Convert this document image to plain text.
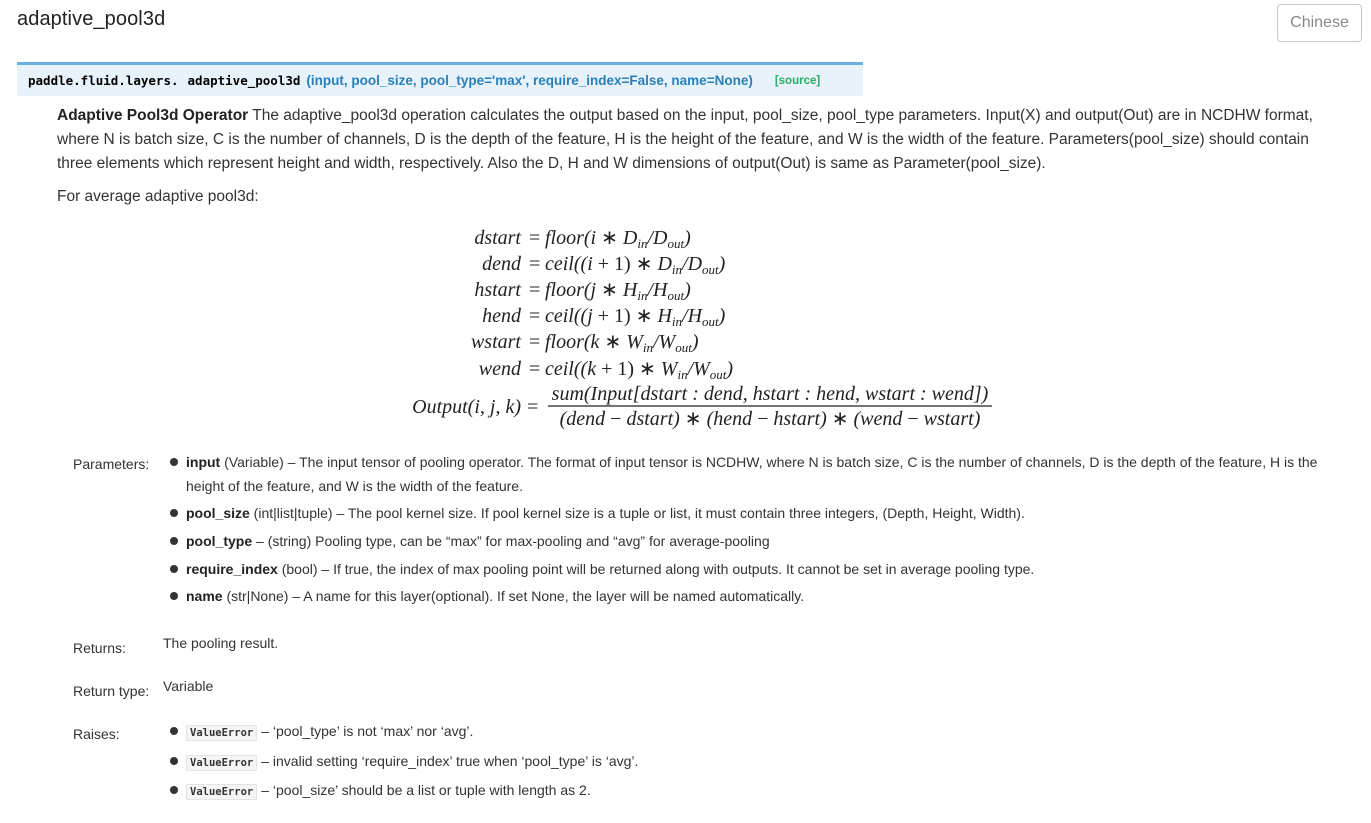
adaptive_pool3d	Chinese
paddle.fluid.layers. adaptive_pool3d (input, pool_size, pool_type='max', require_index=False, name=None) [source]
Adaptive Pool3d Operator The adaptive_pool3d operation calculates the output based on the input, pool_size, pool_type parameters. Input(X) and output(Out) are in NCDHW format, where N is batch size, C is the number of channels, D is the depth of the feature, H is the height of the feature, and W is the width of the feature. Parameters(pool_size) should contain three elements which represent height and width, respectively. Also the D, H and W dimensions of output(Out) is same as Parameter(pool_size).
For average adaptive pool3d:
dstart = floor(i ∗ $D_{in}/D_{out}$)
dend = ceil((i + 1) ∗ $D_{in}/D_{out}$)
hstart = floor(j ∗ $H_{in}/H_{out}$)
hend = ceil((j + 1) ∗ $H_{in}/H_{out}$)
wstart = floor(k ∗ $W_{in}/W_{out}$)
wend = ceil((k + 1) ∗ $W_{in}/W_{out}$)
Output(i, j, k) =
sum(Input[dstart : dend, hstart : hend, wstart : wend])
(dend − dstart) ∗ (hend − hstart) ∗ (wend − wstart)
Parameters:	input (Variable) – The input tensor of pooling operator. The format of input tensor is NCDHW, where N is batch size, C is the number of channels, D is the depth of the feature, H is the height of the feature, and W is the width of the feature.
pool_size (int|list|tuple) – The pool kernel size. If pool kernel size is a tuple or list, it must contain three integers, (Depth, Height, Width).
pool_type – (string) Pooling type, can be “max” for max-pooling and “avg” for average-pooling
require_index (bool) – If true, the index of max pooling point will be returned along with outputs. It cannot be set in average pooling type.
name (str|None) – A name for this layer(optional). If set None, the layer will be named automatically.
Returns:	The pooling result.
Return type: Variable
Raises:	ValueError – ‘pool_type’ is not ‘max’ nor ‘avg’.
ValueError – invalid setting ‘require_index’ true when ‘pool_type’ is ‘avg’.
ValueError – ‘pool_size’ should be a list or tuple with length as 2.
